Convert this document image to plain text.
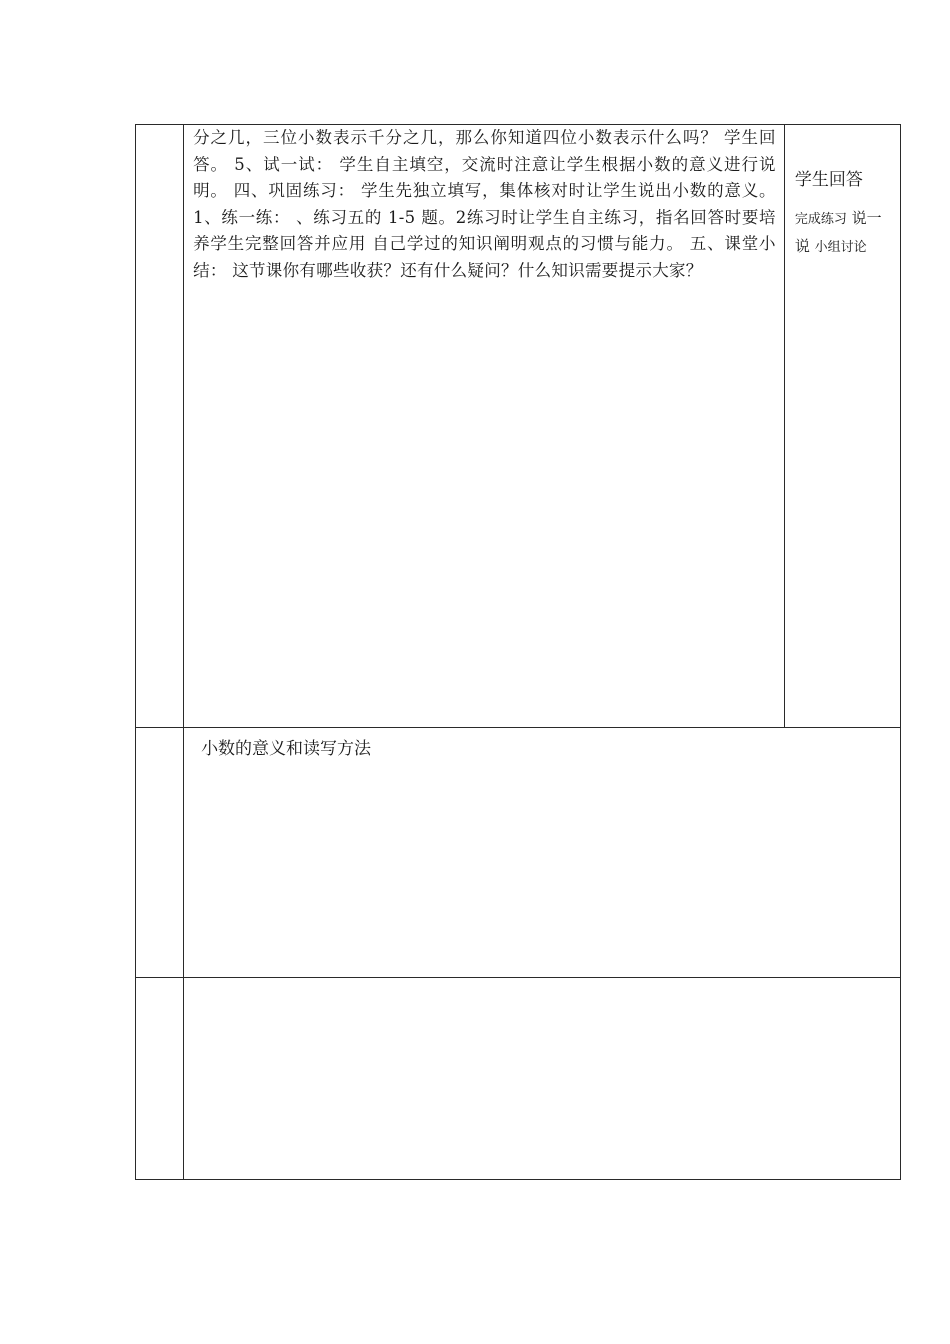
	分之几，三位小数表示千分之几，那么你知道四位小数表示什么吗？ 学生回答。 5、试一试： 学生自主填空，交流时注意让学生根据小数的意义进行说明。 四、巩固练习： 学生先独立填写，集体核对时让学生说出小数的意义。1、练一练： 、练习五的 1-5 题。2练习时让学生自主练习，指名回答时要培养学生完整回答并应用 自己学过的知识阐明观点的习惯与能力。 五、课堂小结： 这节课你有哪些收获？还有什么疑问？什么知识需要提示大家？	学生回答
完成练习 说一说 小组讨论

	小数的意义和读写方法	
